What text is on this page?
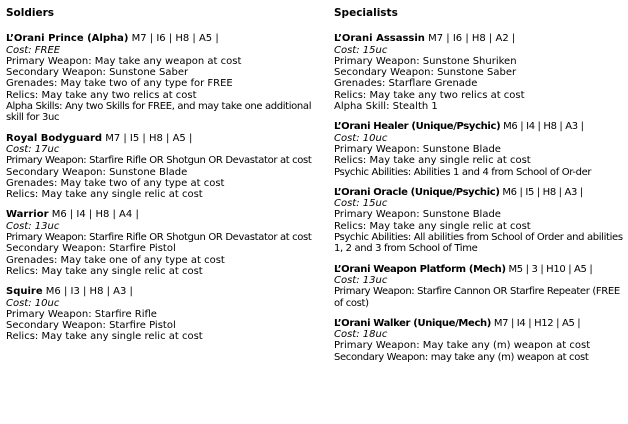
Soldiers
L’Orani Prince (Alpha) M7 | I6 | H8 | A5 |
Cost: FREE
Primary Weapon: May take any weapon at cost
Secondary Weapon: Sunstone Saber
Grenades: May take two of any type for FREE
Relics: May take any two relics at cost
Alpha Skills: Any two Skills for FREE, and may take one additional skill for 3uc
Royal Bodyguard M7 | I5 | H8 | A5 |
Cost: 17uc
Primary Weapon: Starfire Rifle OR Shotgun OR Devastator at cost
Secondary Weapon: Sunstone Blade
Grenades: May take two of any type at cost
Relics: May take any single relic at cost
Warrior M6 | I4 | H8 | A4 |
Cost: 13uc
Primary Weapon: Starfire Rifle OR Shotgun OR Devastator at cost
Secondary Weapon: Starfire Pistol
Grenades: May take one of any type at cost
Relics: May take any single relic at cost
Squire M6 | I3 | H8 | A3 |
Cost: 10uc
Primary Weapon: Starfire Rifle
Secondary Weapon: Starfire Pistol
Relics: May take any single relic at cost
Specialists
L’Orani Assassin M7 | I6 | H8 | A2 |
Cost: 15uc
Primary Weapon: Sunstone Shuriken
Secondary Weapon: Sunstone Saber
Grenades: Starflare Grenade
Relics: May take any two relics at cost
Alpha Skill: Stealth 1
L’Orani Healer (Unique/Psychic) M6 | I4 | H8 | A3 |
Cost: 10uc
Primary Weapon: Sunstone Blade
Relics: May take any single relic at cost
Psychic Abilities: Abilities 1 and 4 from School of Or-der
L’Orani Oracle (Unique/Psychic) M6 | I5 | H8 | A3 |
Cost: 15uc
Primary Weapon: Sunstone Blade
Relics: May take any single relic at cost
Psychic Abilities: All abilities from School of Order and abilities 1, 2 and 3 from School of Time
L’Orani Weapon Platform (Mech) M5 | 3 | H10 | A5 |
Cost: 13uc
Primary Weapon: Starfire Cannon OR Starfire Repeater (FREE of cost)
L’Orani Walker (Unique/Mech) M7 | I4 | H12 | A5 |
Cost: 18uc
Primary Weapon: May take any (m) weapon at cost
Secondary Weapon: may take any (m) weapon at cost
